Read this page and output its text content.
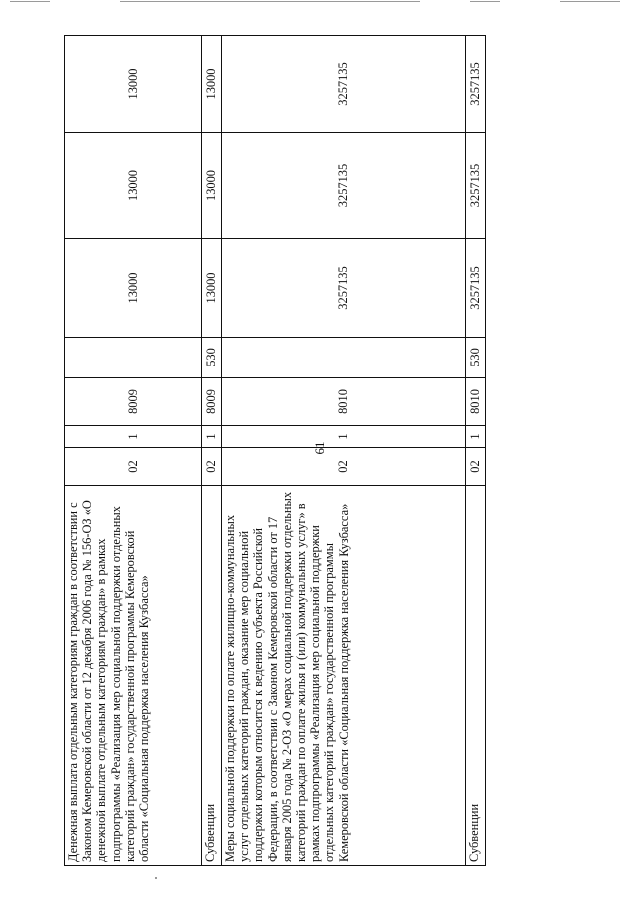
61
Денежная выплата отдельным категориям граждан в соответствии с Законом Кемеровской области от 12 декабря 2006 года № 156-ОЗ «О денежной выплате отдельным категориям граждан» в рамках подпрограммы «Реализация мер социальной поддержки отдельных категорий граждан» государственной программы Кемеровской области «Социальная поддержка населения Кузбасса»	02	1	8009		13000	13000	13000
Субвенции	02	1	8009	530	13000	13000	13000
Меры социальной поддержки по оплате жилищно-коммунальных услуг отдельных категорий граждан, оказание мер социальной поддержки которым относится к ведению субъекта Российской Федерации, в соответствии с Законом Кемеровской области от 17 января 2005 года № 2-ОЗ «О мерах социальной поддержки отдельных категорий граждан по оплате жилья и (или) коммунальных услуг» в рамках подпрограммы «Реализация мер социальной поддержки отдельных категорий граждан» государственной программы Кемеровской области «Социальная поддержка населения Кузбасса»	02	1	8010		3257135	3257135	3257135
Субвенции	02	1	8010	530	3257135	3257135	3257135
